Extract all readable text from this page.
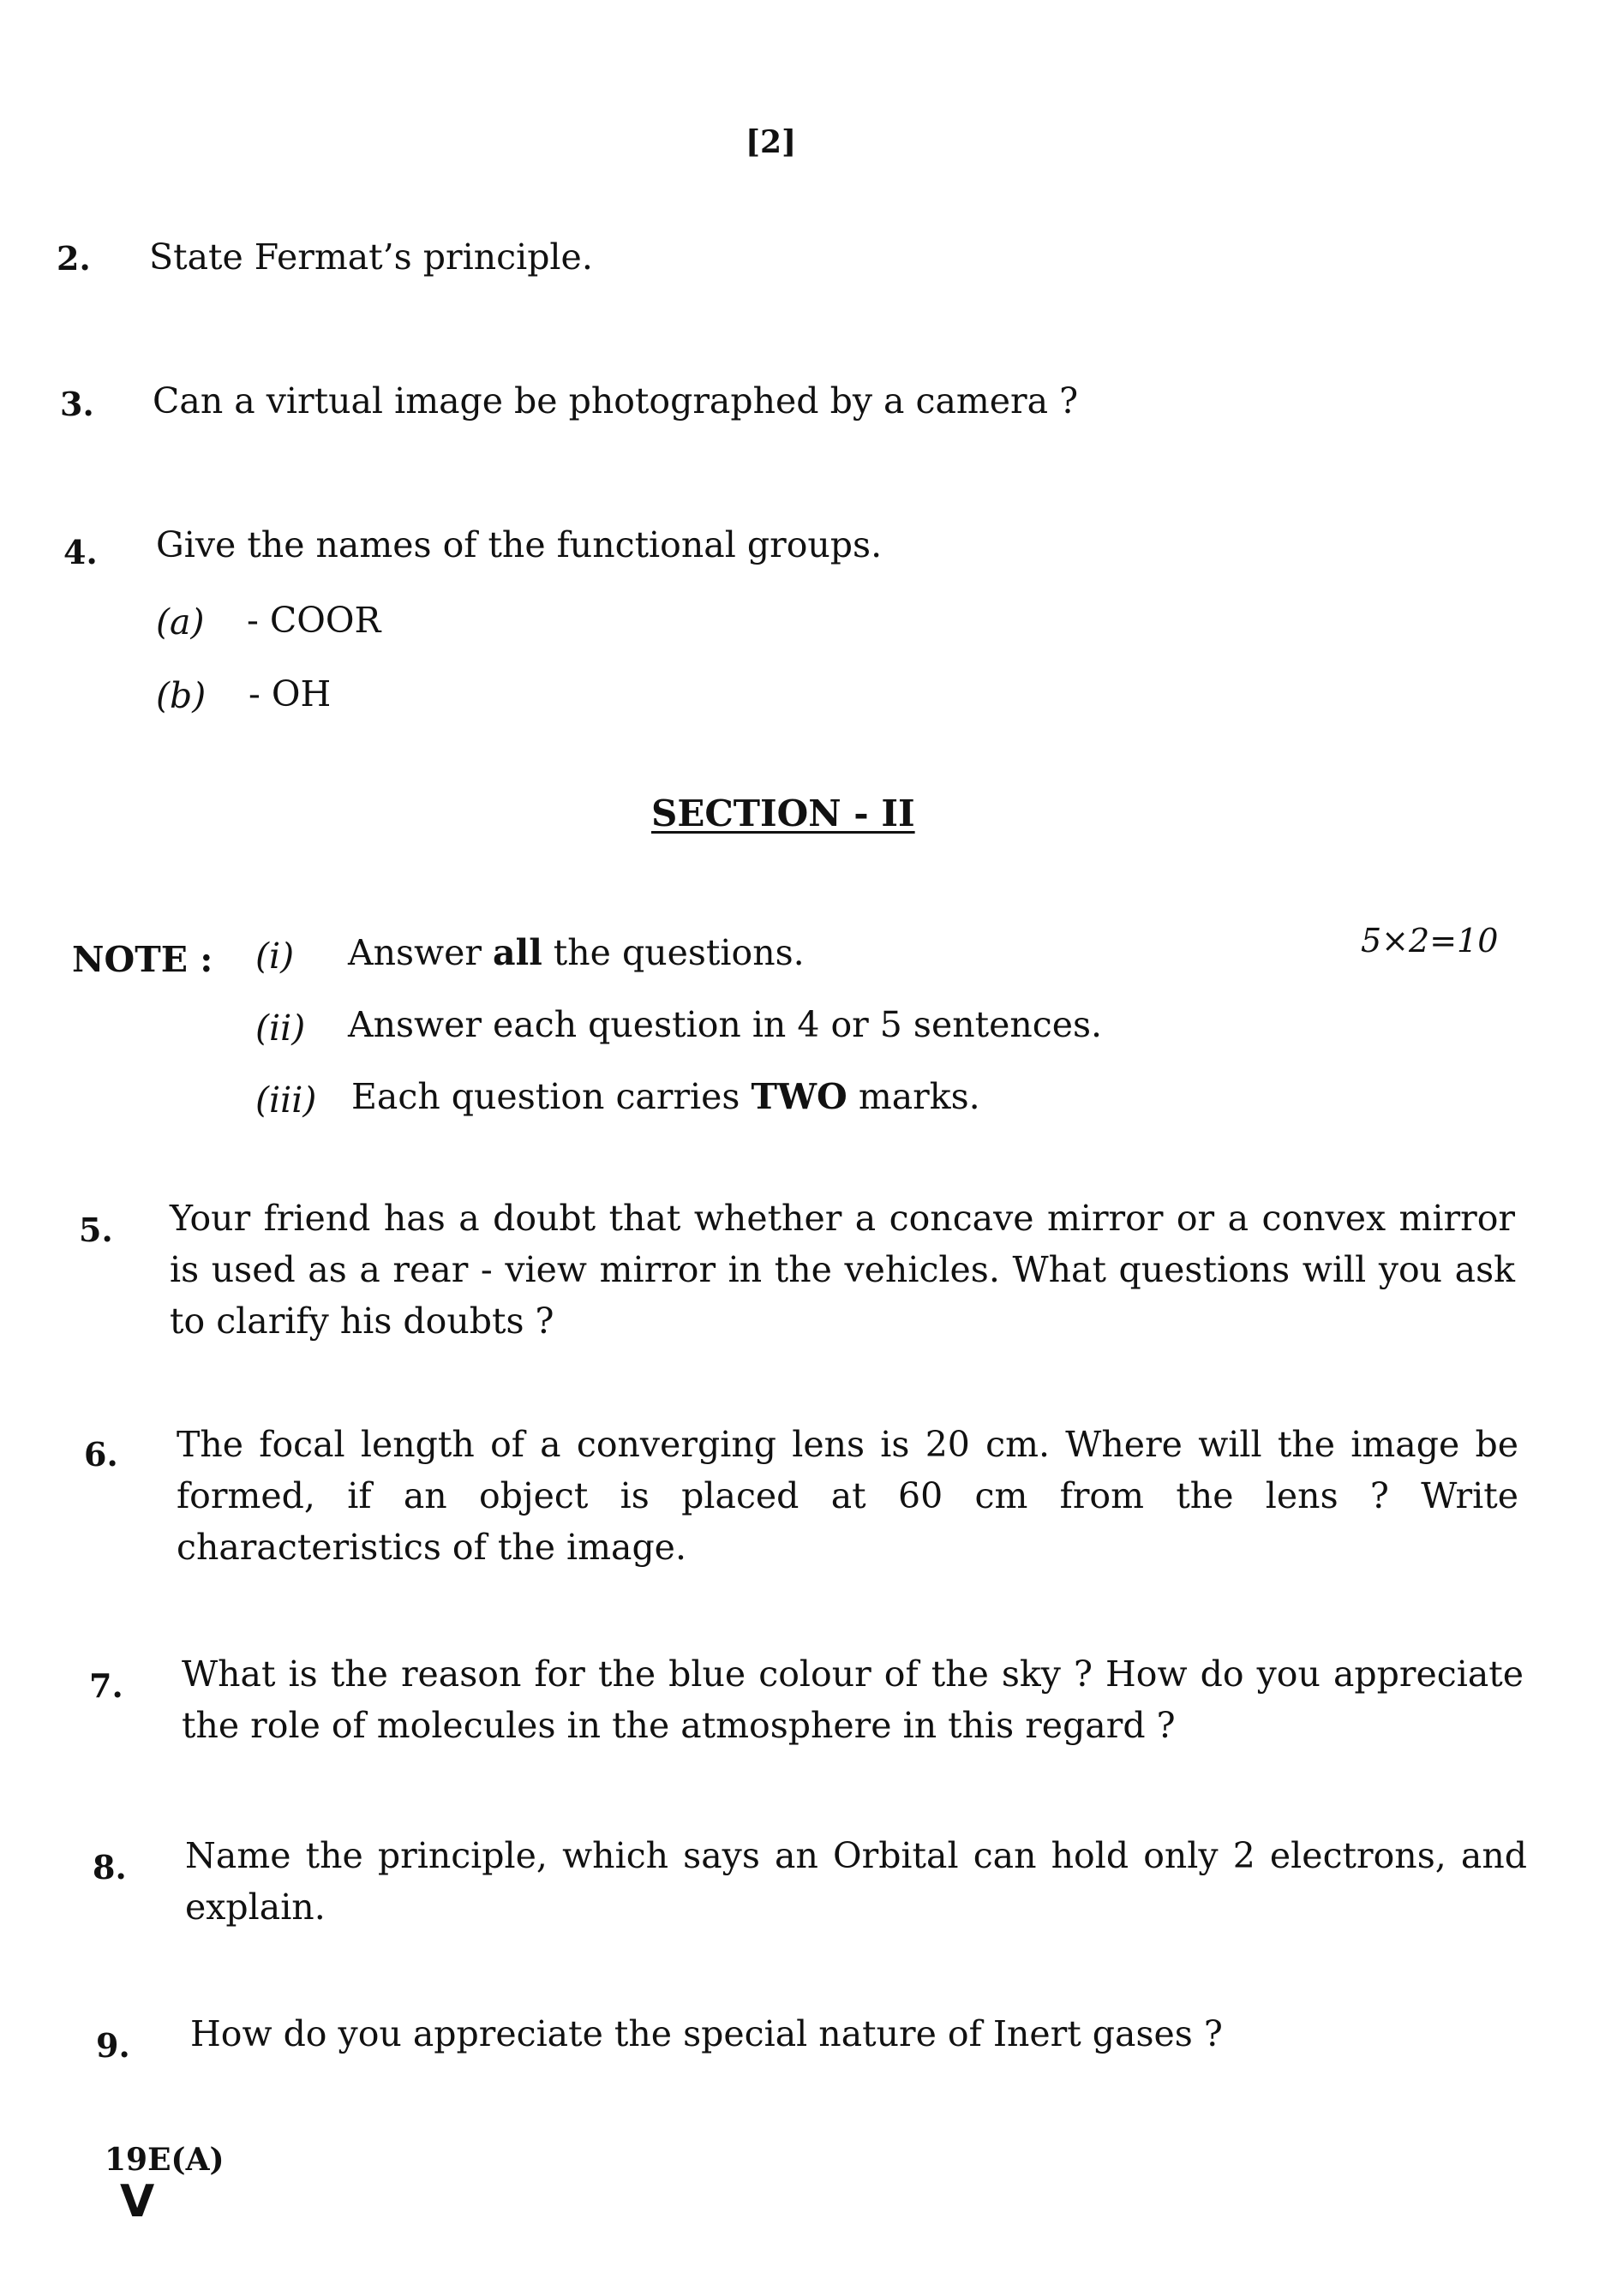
[2]
2. State Fermat’s principle.
3. Can a virtual image be photographed by a camera ?
4. Give the names of the functional groups.
(a) - COOR
(b) - OH
SECTION - II
NOTE :	5×2=10
(i) Answer all the questions.
(ii) Answer each question in 4 or 5 sentences.
(iii) Each question carries TWO marks.
5. Your friend has a doubt that whether a concave mirror or a convex mirror is used as a rear - view mirror in the vehicles. What questions will you ask to clarify his doubts ?
6. The focal length of a converging lens is 20 cm. Where will the image be formed, if an object is placed at 60 cm from the lens ? Write characteristics of the image.
7. What is the reason for the blue colour of the sky ? How do you appreciate the role of molecules in the atmosphere in this regard ?
8. Name the principle, which says an Orbital can hold only 2 electrons, and explain.
9. How do you appreciate the special nature of Inert gases ?
19E(A)
V
